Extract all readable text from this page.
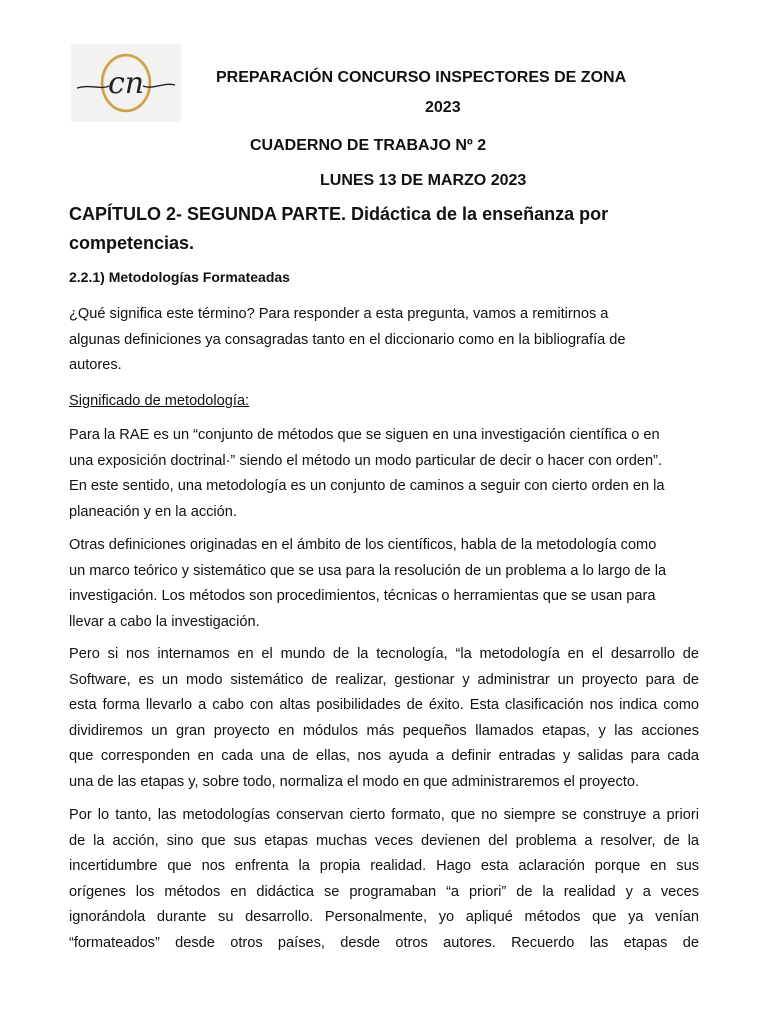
cn	PREPARACIÓN CONCURSO INSPECTORES DE ZONA
2023
CUADERNO DE TRABAJO Nº 2
LUNES 13 DE MARZO 2023
CAPÍTULO 2- SEGUNDA PARTE. Didáctica de la enseñanza por competencias.
2.2.1) Metodologías Formateadas
¿Qué significa este término? Para responder a esta pregunta, vamos a remitirnos a
algunas definiciones ya consagradas tanto en el diccionario como en la bibliografía de
autores.
Significado de metodología:
Para la RAE es un “conjunto de métodos que se siguen en una investigación científica o en
una exposición doctrinal·” siendo el método un modo particular de decir o hacer con orden”.
En este sentido, una metodología es un conjunto de caminos a seguir con cierto orden en la
planeación y en la acción.
Otras definiciones originadas en el ámbito de los científicos, habla de la metodología como
un marco teórico y sistemático que se usa para la resolución de un problema a lo largo de la
investigación. Los métodos son procedimientos, técnicas o herramientas que se usan para
llevar a cabo la investigación.
Pero si nos internamos en el mundo de la tecnología, “la metodología en el desarrollo de
Software, es un modo sistemático de realizar, gestionar y administrar un proyecto para de
esta forma llevarlo a cabo con altas posibilidades de éxito. Esta clasificación nos indica como
dividiremos un gran proyecto en módulos más pequeños llamados etapas, y las acciones
que corresponden en cada una de ellas, nos ayuda a definir entradas y salidas para cada
una de las etapas y, sobre todo, normaliza el modo en que administraremos el proyecto.
Por lo tanto, las metodologías conservan cierto formato, que no siempre se construye a priori
de la acción, sino que sus etapas muchas veces devienen del problema a resolver, de la
incertidumbre que nos enfrenta la propia realidad. Hago esta aclaración porque en sus
orígenes los métodos en didáctica se programaban “a priori” de la realidad y a veces
ignorándola durante su desarrollo. Personalmente, yo apliqué métodos que ya venían
“formateados” desde otros países, desde otros autores. Recuerdo las etapas de
